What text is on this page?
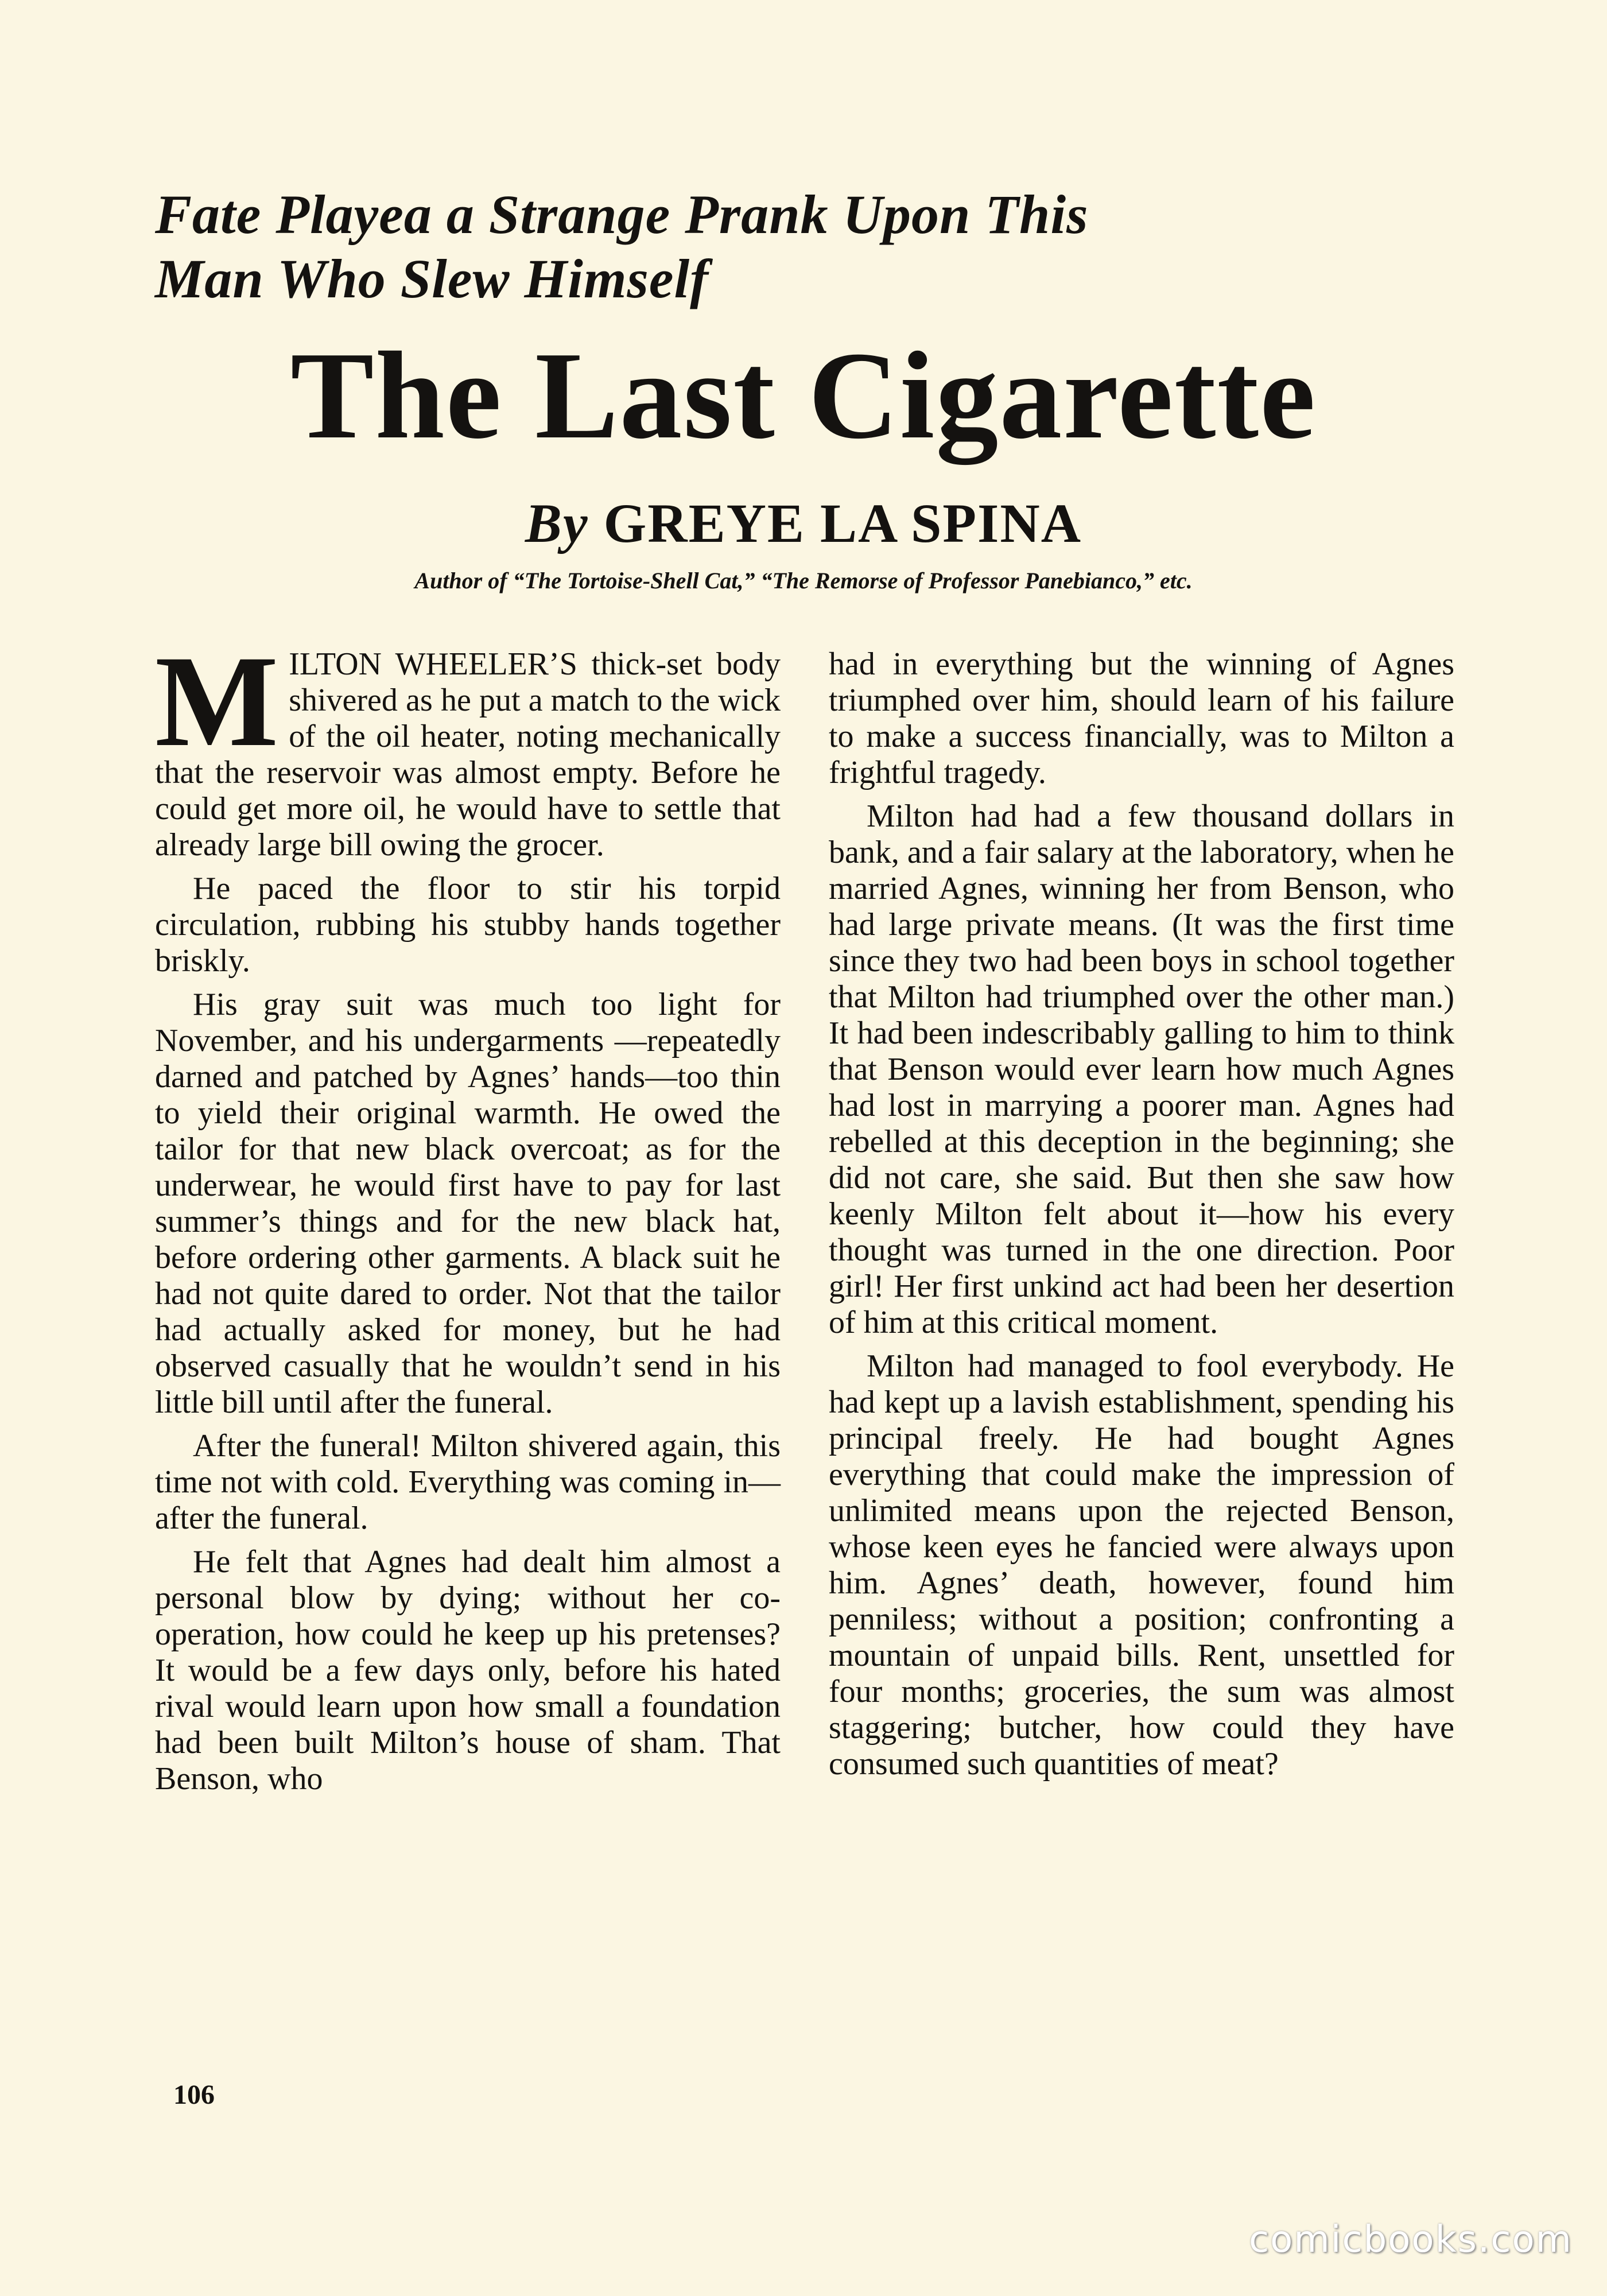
Fate Playea a Strange Prank Upon This
Man Who Slew Himself
The Last Cigarette
By GREYE LA SPINA
Author of “The Tortoise-Shell Cat,” “The Remorse of Professor Panebianco,” etc.

MILTON WHEELER’S thick-set body shivered as he put a match to the wick of the oil heater, noting mechanically that the reservoir was almost empty. Before he could get more oil, he would have to settle that already large bill owing the grocer.

He paced the floor to stir his torpid circulation, rubbing his stubby hands together briskly.

His gray suit was much too light for November, and his undergarments —repeatedly darned and patched by Agnes’ hands—too thin to yield their original warmth. He owed the tailor for that new black overcoat; as for the underwear, he would first have to pay for last summer’s things and for the new black hat, before ordering other garments. A black suit he had not quite dared to order. Not that the tailor had actually asked for money, but he had observed casually that he wouldn’t send in his little bill until after the funeral.

After the funeral! Milton shivered again, this time not with cold. Everything was coming in—after the funeral.

He felt that Agnes had dealt him almost a personal blow by dying; without her co-operation, how could he keep up his pretenses? It would be a few days only, before his hated rival would learn upon how small a foundation had been built Milton’s house of sham. That Benson, who

had in everything but the winning of Agnes triumphed over him, should learn of his failure to make a success financially, was to Milton a frightful tragedy.

Milton had had a few thousand dollars in bank, and a fair salary at the laboratory, when he married Agnes, winning her from Benson, who had large private means. (It was the first time since they two had been boys in school together that Milton had triumphed over the other man.) It had been indescribably galling to him to think that Benson would ever learn how much Agnes had lost in marrying a poorer man. Agnes had rebelled at this deception in the beginning; she did not care, she said. But then she saw how keenly Milton felt about it—how his every thought was turned in the one direction. Poor girl! Her first unkind act had been her desertion of him at this critical moment.

Milton had managed to fool everybody. He had kept up a lavish establishment, spending his principal freely. He had bought Agnes everything that could make the impression of unlimited means upon the rejected Benson, whose keen eyes he fancied were always upon him. Agnes’ death, however, found him penniless; without a position; confronting a mountain of unpaid bills. Rent, unsettled for four months; groceries, the sum was almost staggering; butcher, how could they have consumed such quantities of meat?

106
comicbooks.com
